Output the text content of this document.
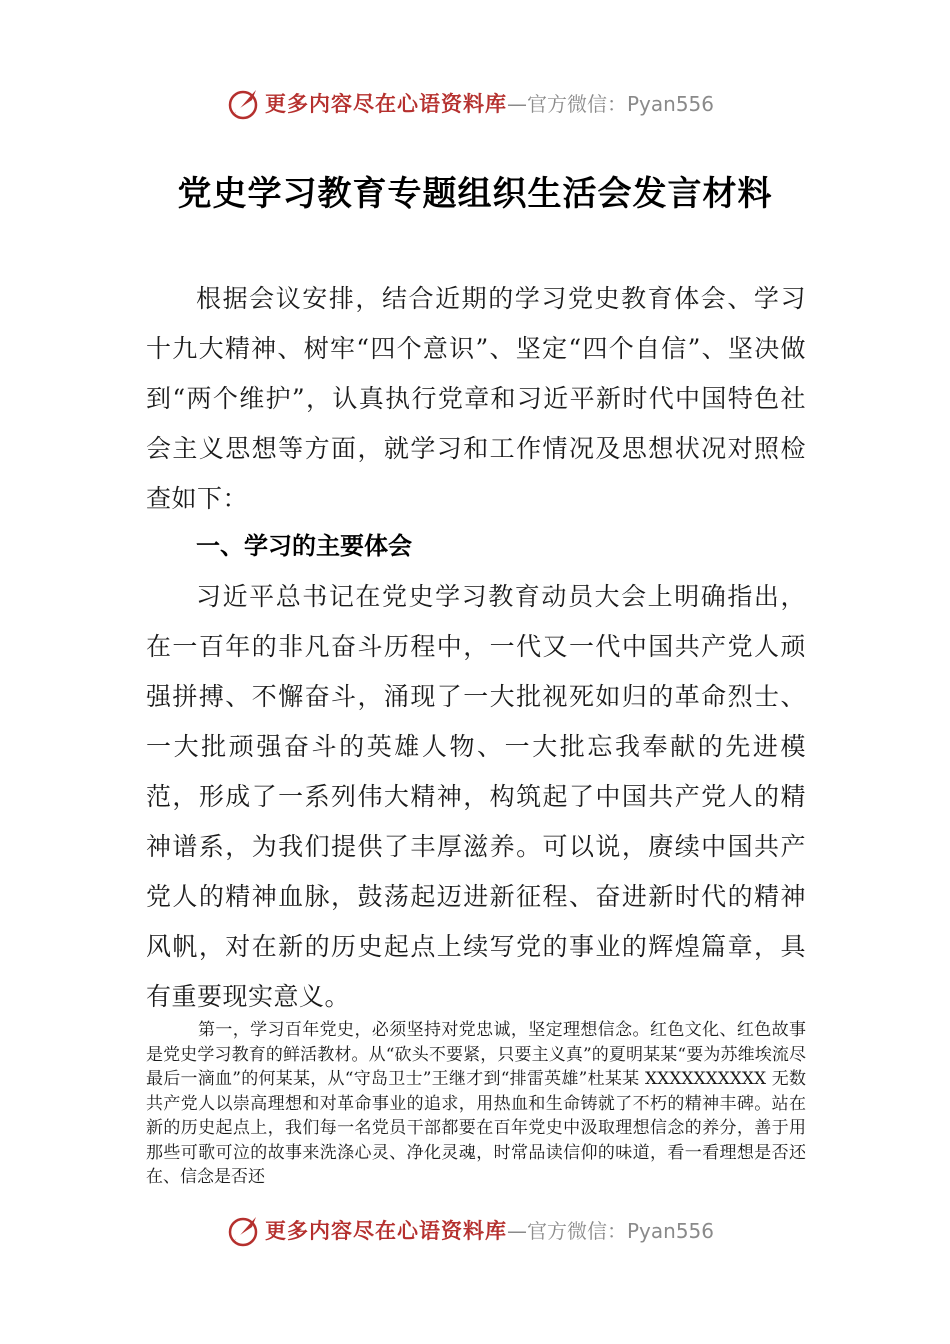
更多内容尽在心语资料库—官方微信：Pyan556
党史学习教育专题组织生活会发言材料

根据会议安排，结合近期的学习党史教育体会、学习十九大精神、树牢“四个意识”、坚定“四个自信”、坚决做到“两个维护”，认真执行党章和习近平新时代中国特色社会主义思想等方面，就学习和工作情况及思想状况对照检查如下：

一、学习的主要体会

习近平总书记在党史学习教育动员大会上明确指出，在一百年的非凡奋斗历程中，一代又一代中国共产党人顽强拼搏、不懈奋斗，涌现了一大批视死如归的革命烈士、一大批顽强奋斗的英雄人物、一大批忘我奉献的先进模范，形成了一系列伟大精神，构筑起了中国共产党人的精神谱系，为我们提供了丰厚滋养。可以说，赓续中国共产党人的精神血脉，鼓荡起迈进新征程、奋进新时代的精神风帆，对在新的历史起点上续写党的事业的辉煌篇章，具有重要现实意义。

第一，学习百年党史，必须坚持对党忠诚，坚定理想信念。红色文化、红色故事是党史学习教育的鲜活教材。从“砍头不要紧，只要主义真”的夏明某某“要为苏维埃流尽最后一滴血”的何某某，从“守岛卫士”王继才到“排雷英雄”杜某某 XXXXXXXXXX 无数共产党人以崇高理想和对革命事业的追求，用热血和生命铸就了不朽的精神丰碑。站在新的历史起点上，我们每一名党员干部都要在百年党史中汲取理想信念的养分，善于用那些可歌可泣的故事来洗涤心灵、净化灵魂，时常品读信仰的味道，看一看理想是否还在、信念是否还

更多内容尽在心语资料库—官方微信：Pyan556
